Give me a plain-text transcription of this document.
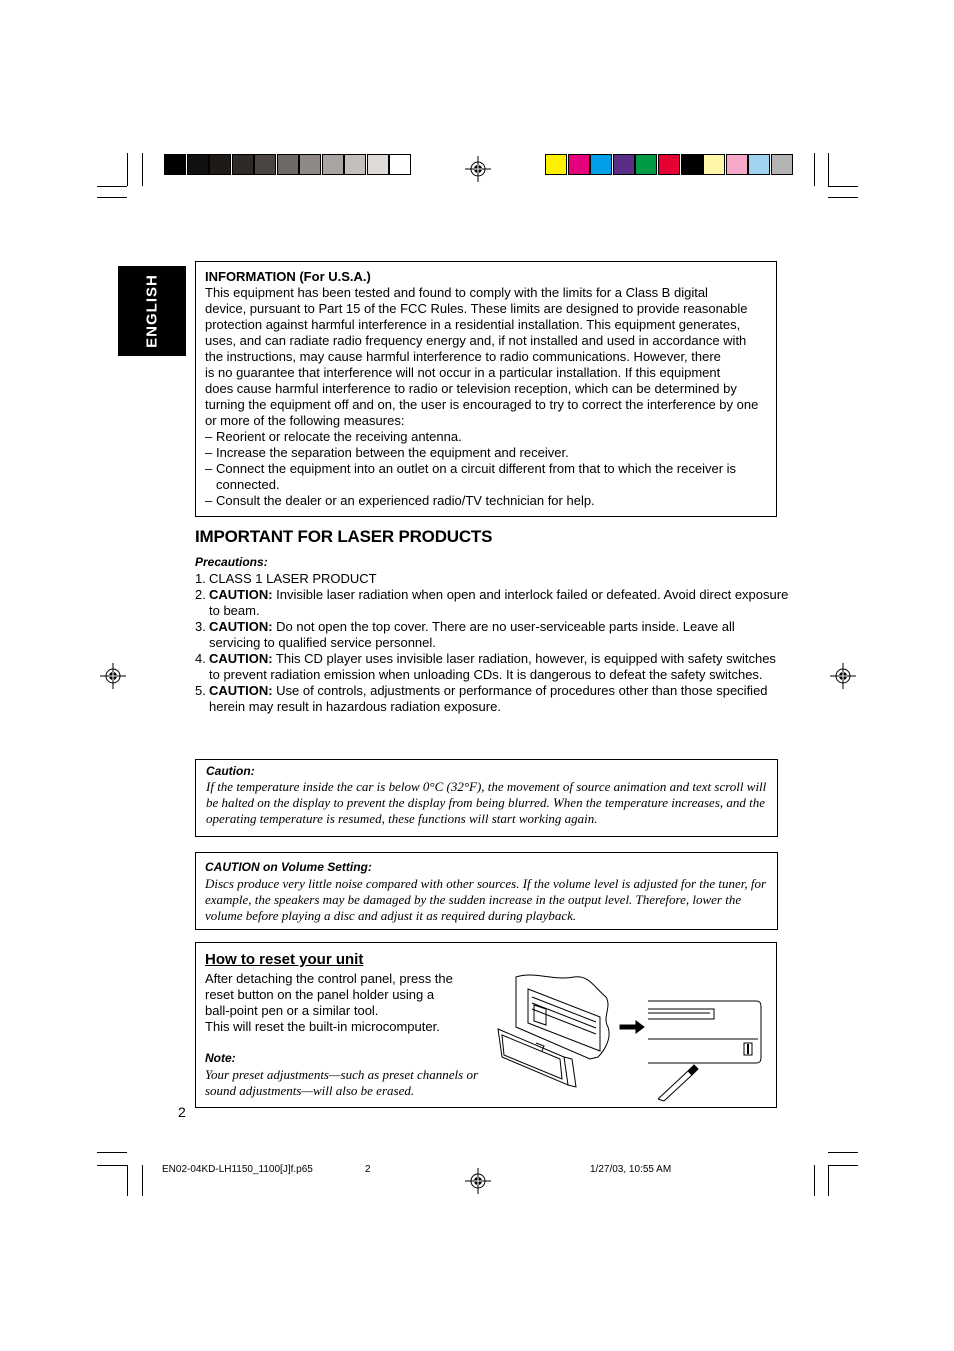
ENGLISH	INFORMATION (For U.S.A.)
This equipment has been tested and found to comply with the limits for a Class B digital
device, pursuant to Part 15 of the FCC Rules. These limits are designed to provide reasonable
protection against harmful interference in a residential installation. This equipment generates,
uses, and can radiate radio frequency energy and, if not installed and used in accordance with
the instructions, may cause harmful interference to radio communications. However, there
is no guarantee that interference will not occur in a particular installation. If this equipment
does cause harmful interference to radio or television reception, which can be determined by
turning the equipment off and on, the user is encouraged to try to correct the interference by one
or more of the following measures:
– Reorient or relocate the receiving antenna.
– Increase the separation between the equipment and receiver.
– Connect the equipment into an outlet on a circuit different from that to which the receiver is
connected.
– Consult the dealer or an experienced radio/TV technician for help.
IMPORTANT FOR LASER PRODUCTS
Precautions:
1. CLASS 1 LASER PRODUCT
2. CAUTION: Invisible laser radiation when open and interlock failed or defeated. Avoid direct exposure
to beam.
3. CAUTION: Do not open the top cover. There are no user-serviceable parts inside. Leave all
servicing to qualified service personnel.
4. CAUTION: This CD player uses invisible laser radiation, however, is equipped with safety switches
to prevent radiation emission when unloading CDs. It is dangerous to defeat the safety switches.
5. CAUTION: Use of controls, adjustments or performance of procedures other than those specified
herein may result in hazardous radiation exposure.
Caution:
If the temperature inside the car is below 0°C (32°F), the movement of source animation and text scroll will
be halted on the display to prevent the display from being blurred. When the temperature increases, and the
operating temperature is resumed, these functions will start working again.
CAUTION on Volume Setting:
Discs produce very little noise compared with other sources. If the volume level is adjusted for the tuner, for
example, the speakers may be damaged by the sudden increase in the output level. Therefore, lower the
volume before playing a disc and adjust it as required during playback.
How to reset your unit
After detaching the control panel, press the
reset button on the panel holder using a
ball-point pen or a similar tool.
This will reset the built-in microcomputer.
Note:
Your preset adjustments—such as preset channels or
sound adjustments—will also be erased.
2
EN02-04KD-LH1150_1100[J]f.p65	2	1/27/03, 10:55 AM
